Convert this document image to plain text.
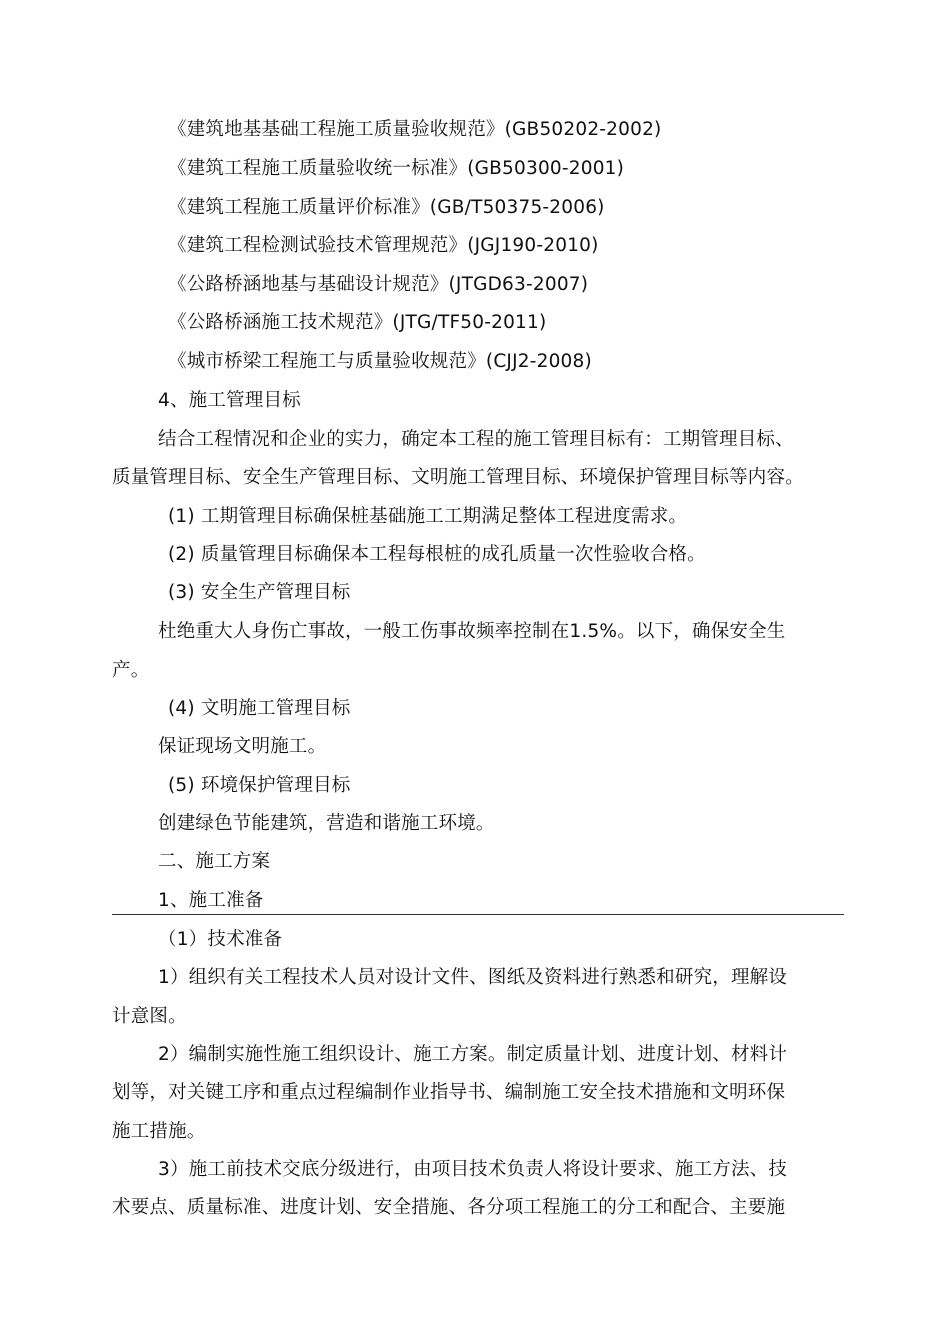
《建筑地基基础工程施工质量验收规范》(GB50202-2002)
《建筑工程施工质量验收统一标准》(GB50300-2001)
《建筑工程施工质量评价标准》(GB/T50375-2006)
《建筑工程检测试验技术管理规范》(JGJ190-2010)
《公路桥涵地基与基础设计规范》(JTGD63-2007)
《公路桥涵施工技术规范》(JTG/TF50-2011)
《城市桥梁工程施工与质量验收规范》(CJJ2-2008)
4、施工管理目标
结合工程情况和企业的实力，确定本工程的施工管理目标有：工期管理目标、
质量管理目标、安全生产管理目标、文明施工管理目标、环境保护管理目标等内容。
(1) 工期管理目标确保桩基础施工工期满足整体工程进度需求。
(2) 质量管理目标确保本工程每根桩的成孔质量一次性验收合格。
(3) 安全生产管理目标
杜绝重大人身伤亡事故，一般工伤事故频率控制在1.5%。以下，确保安全生
产。
(4) 文明施工管理目标
保证现场文明施工。
(5) 环境保护管理目标
创建绿色节能建筑，营造和谐施工环境。
二、施工方案
1、施工准备
（1）技术准备
1）组织有关工程技术人员对设计文件、图纸及资料进行熟悉和研究，理解设
计意图。
2）编制实施性施工组织设计、施工方案。制定质量计划、进度计划、材料计
划等，对关键工序和重点过程编制作业指导书、编制施工安全技术措施和文明环保
施工措施。
3）施工前技术交底分级进行，由项目技术负责人将设计要求、施工方法、技
术要点、质量标准、进度计划、安全措施、各分项工程施工的分工和配合、主要施
